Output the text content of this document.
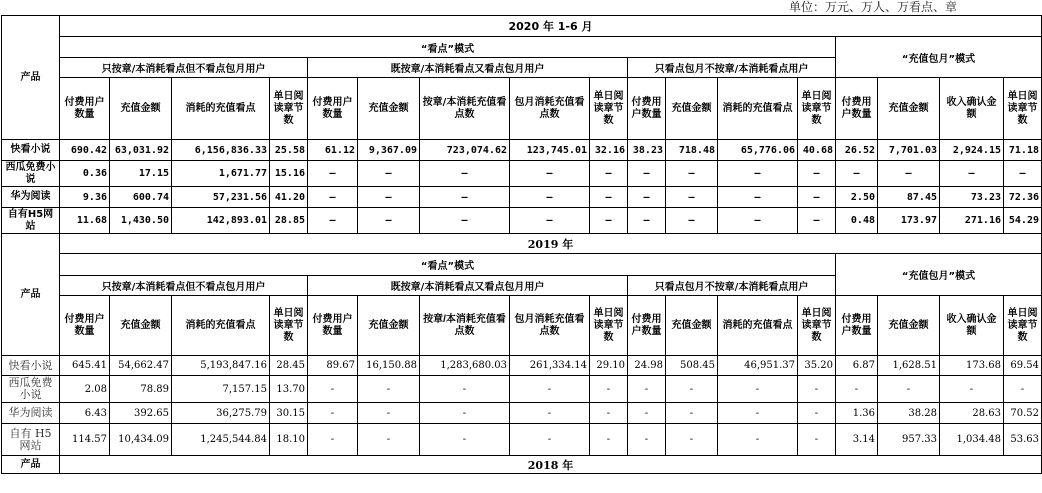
单位：万元、万人、万看点、章
产品	2020 年 1-6 月																
	“看点”模式													“充值包月”模式			
	只按章/本消耗看点但不看点包月用户				既按章/本消耗看点又看点包月用户					只看点包月不按章/本消耗看点用户							
	付费用户数量	充值金额	消耗的充值看点	单日阅读章节数	付费用户数量	充值金额	按章/本消耗充值看点数	包月消耗充值看点数	单日阅读章节数	付费用户数量	充值金额	消耗的充值看点	单日阅读章节数	付费用户数量	充值金额	收入确认金额	单日阅读章节数
快看小说	690.42	63,031.92	6,156,836.33	25.58	61.12	9,367.09	723,074.62	123,745.01	32.16	38.23	718.48	65,776.06	40.68	26.52	7,701.03	2,924.15	71.18
西瓜免费小说	0.36	17.15	1,671.77	15.16	–	–	–	–	–	–	–	–	–	–	–	–	–
华为阅读	9.36	600.74	57,231.56	41.20	–	–	–	–	–	–	–	–	–	2.50	87.45	73.23	72.36
自有H5网站	11.68	1,430.50	142,893.01	28.85	–	–	–	–	–	–	–	–	–	0.48	173.97	271.16	54.29
产品	2019 年																
	“看点”模式													“充值包月”模式			
	只按章/本消耗看点但不看点包月用户				既按章/本消耗看点又看点包月用户					只看点包月不按章/本消耗看点用户							
	付费用户数量	充值金额	消耗的充值看点	单日阅读章节数	付费用户数量	充值金额	按章/本消耗充值看点数	包月消耗充值看点数	单日阅读章节数	付费用户数量	充值金额	消耗的充值看点	单日阅读章节数	付费用户数量	充值金额	收入确认金额	单日阅读章节数
快看小说	645.41	54,662.47	5,193,847.16	28.45	89.67	16,150.88	1,283,680.03	261,334.14	29.10	24.98	508.45	46,951.37	35.20	6.87	1,628.51	173.68	69.54
西瓜免费小说	2.08	78.89	7,157.15	13.70	-	-	-	-	-	-	-	-	-	-	-	-	-
华为阅读	6.43	392.65	36,275.79	30.15	-	-	-	-	-	-	-	-	-	1.36	38.28	28.63	70.52
自有 H5 网站	114.57	10,434.09	1,245,544.84	18.10	-	-	-	-	-	-	-	-	-	3.14	957.33	1,034.48	53.63
产品	2018 年																
